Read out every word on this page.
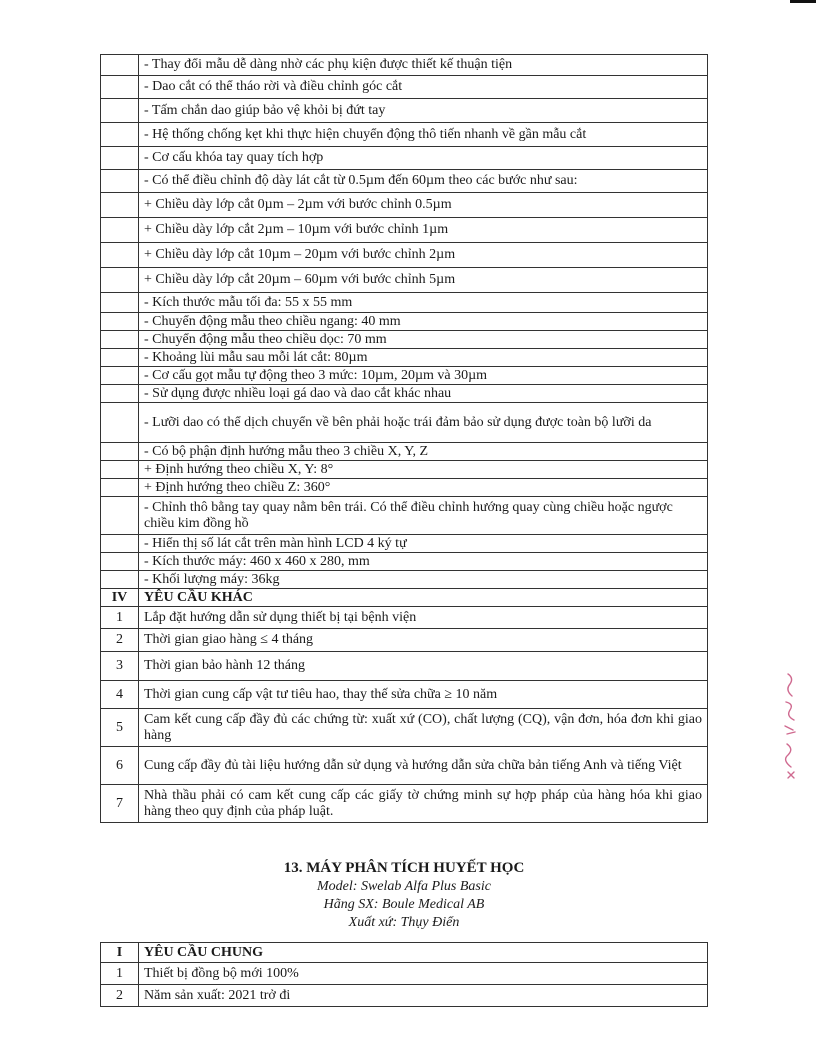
	- Thay đổi mẫu dễ dàng nhờ các phụ kiện được thiết kế thuận tiện
	- Dao cắt có thể tháo rời và điều chỉnh góc cắt
	- Tấm chắn dao giúp bảo vệ khỏi bị đứt tay
	- Hệ thống chống kẹt khi thực hiện chuyển động thô tiến nhanh về gần mẫu cắt
	- Cơ cấu khóa tay quay tích hợp
	- Có thể điều chỉnh độ dày lát cắt từ 0.5µm đến 60µm theo các bước như sau:
	+ Chiều dày lớp cắt 0µm – 2µm với bước chỉnh 0.5µm
	+ Chiều dày lớp cắt 2µm – 10µm với bước chỉnh 1µm
	+ Chiều dày lớp cắt 10µm – 20µm với bước chỉnh 2µm
	+ Chiều dày lớp cắt 20µm – 60µm với bước chỉnh 5µm
	- Kích thước mẫu tối đa: 55 x 55 mm
	- Chuyển động mẫu theo chiều ngang: 40 mm
	- Chuyển động mẫu theo chiều dọc: 70 mm
	- Khoảng lùi mẫu sau mỗi lát cắt: 80µm
	- Cơ cấu gọt mẫu tự động theo 3 mức: 10µm, 20µm và 30µm
	- Sử dụng được nhiều loại gá dao và dao cắt khác nhau
	- Lưỡi dao có thể dịch chuyển về bên phải hoặc trái đảm bảo sử dụng được toàn bộ lưỡi da
	- Có bộ phận định hướng mẫu theo 3 chiều X, Y, Z
	+ Định hướng theo chiều X, Y: 8°
	+ Định hướng theo chiều Z: 360°
	- Chỉnh thô bằng tay quay nằm bên trái. Có thể điều chỉnh hướng quay cùng chiều hoặc ngược chiều kim đồng hồ
	- Hiển thị số lát cắt trên màn hình LCD 4 ký tự
	- Kích thước máy: 460 x 460 x 280, mm
	- Khối lượng máy: 36kg
IV	YÊU CẦU KHÁC
1	Lắp đặt hướng dẫn sử dụng thiết bị tại bệnh viện
2	Thời gian giao hàng ≤ 4 tháng
3	Thời gian bảo hành 12 tháng
4	Thời gian cung cấp vật tư tiêu hao, thay thế sửa chữa ≥ 10 năm
5	Cam kết cung cấp đầy đủ các chứng từ: xuất xứ (CO), chất lượng (CQ), vận đơn, hóa đơn khi giao hàng
6	Cung cấp đầy đủ tài liệu hướng dẫn sử dụng và hướng dẫn sửa chữa bản tiếng Anh và tiếng Việt
7	Nhà thầu phải có cam kết cung cấp các giấy tờ chứng minh sự hợp pháp của hàng hóa khi giao hàng theo quy định của pháp luật.

13. MÁY PHÂN TÍCH HUYẾT HỌC

Model: Swelab Alfa Plus Basic

Hãng SX: Boule Medical AB

Xuất xứ: Thụy Điển

I	YÊU CẦU CHUNG
1	Thiết bị đồng bộ mới 100%
2	Năm sản xuất: 2021 trở đi
